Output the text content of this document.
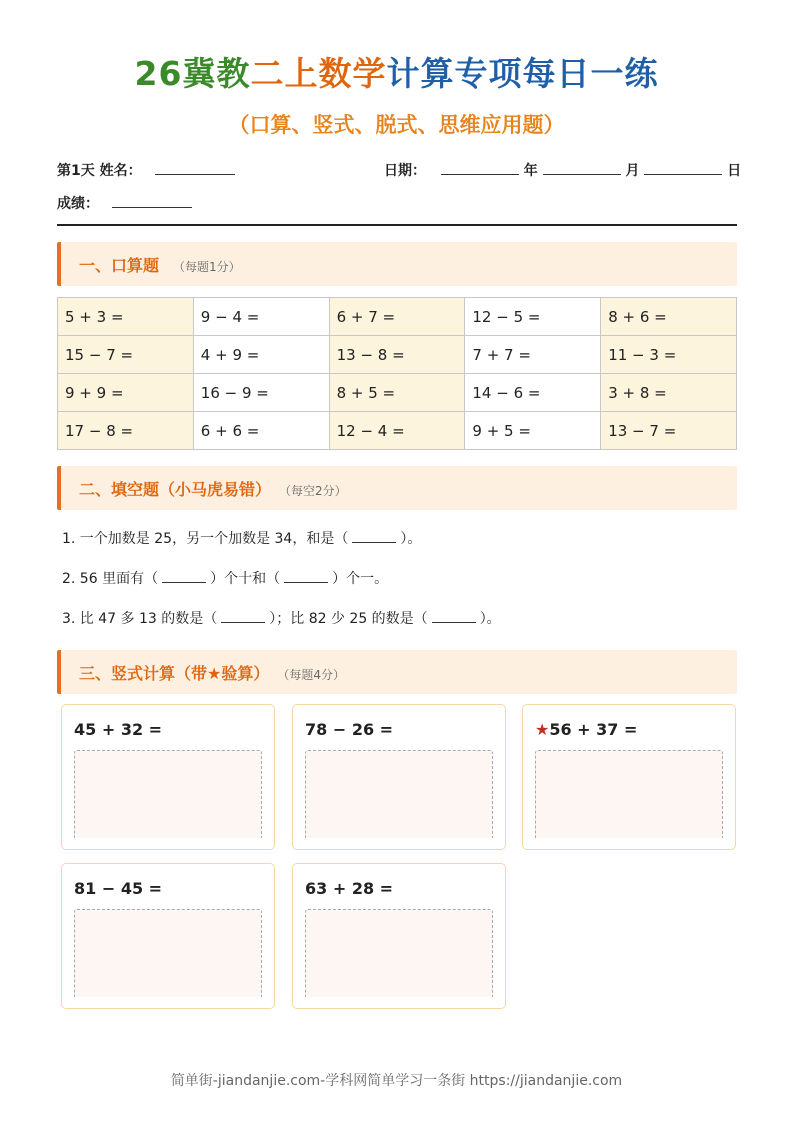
26冀教二上数学计算专项每日一练
（口算、竖式、脱式、思维应用题）
第1天 姓名：	日期：	年	月	日
成绩：
一、口算题 （每题1分）
5 + 3 =	9 − 4 =	6 + 7 =	12 − 5 =	8 + 6 =
15 − 7 =	4 + 9 =	13 − 8 =	7 + 7 =	11 − 3 =
9 + 9 =	16 − 9 =	8 + 5 =	14 − 6 =	3 + 8 =
17 − 8 =	6 + 6 =	12 − 4 =	9 + 5 =	13 − 7 =
二、填空题（小马虎易错） （每空2分）
1. 一个加数是 25，另一个加数是 34，和是（	）。
2. 56 里面有（	）个十和（	）个一。
3. 比 47 多 13 的数是（	）；比 82 少 25 的数是（	）。
三、竖式计算（带★验算） （每题4分）
45 + 32 =	78 − 26 =	★56 + 37 =
81 − 45 =	63 + 28 =
简单街-jiandanjie.com-学科网简单学习一条街 https://jiandanjie.com
